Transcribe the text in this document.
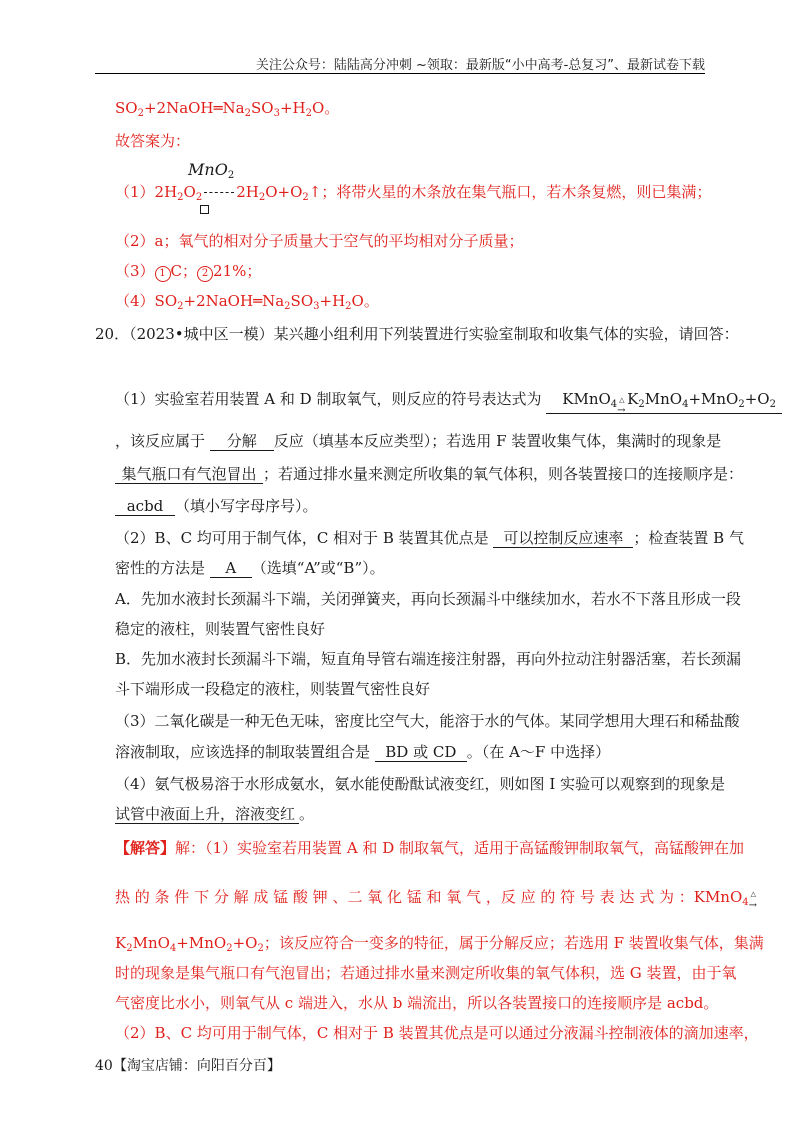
关注公众号：陆陆高分冲刺 ~领取：最新版“小中高考-总复习”、最新试卷下载
$SO_2+2NaOH═Na_2SO_3+H_2O$。
故答案为：
MnO$_2$
$(1)2H_2O_2$ $2H_2O+O_2↑$；将带火星的木条放在集气瓶口，若木条复燃，则已集满；
（2）a；氧气的相对分子质量大于空气的平均相对分子质量；
（3） 1 C； 2 21%；
$(4)SO_2+2NaOH═Na_2SO_3+H_2O$。
20．（2023•城中区一模）某兴趣小组利用下列装置进行实验室制取和收集气体的实验，请回答：
（1）实验室若用装置 A 和 D 制取氧气，则反应的符号表达式为 KMnO$_4$ △
→
$K_2MnO_4+MnO_2+O_2$
，该反应属于 分解 反应（填基本反应类型）；若选用 F 装置收集气体，集满时的现象是
集气瓶口有气泡冒出 ；若通过排水量来测定所收集的氧气体积，则各装置接口的连接顺序是：
acbd （填小写字母序号）。
（2）B、C 均可用于制气体，C 相对于 B 装置其优点是 可以控制反应速率 ；检查装置 B 气
密性的方法是 A （选填“A”或“B”）。
A．先加水液封长颈漏斗下端，关闭弹簧夹，再向长颈漏斗中继续加水，若水不下落且形成一段
稳定的液柱，则装置气密性良好
B．先加水液封长颈漏斗下端，短直角导管右端连接注射器，再向外拉动注射器活塞，若长颈漏
斗下端形成一段稳定的液柱，则装置气密性良好
（3）二氧化碳是一种无色无味，密度比空气大，能溶于水的气体。某同学想用大理石和稀盐酸
溶液制取，应该选择的制取装置组合是 BD 或 CD 。（在 A～F 中选择）
（4）氨气极易溶于水形成氨水，氨水能使酚酞试液变红，则如图 I 实验可以观察到的现象是
试管中液面上升，溶液变红 。
【解答】解：（1）实验室若用装置 A 和 D 制取氧气，适用于高锰酸钾制取氧气，高锰酸钾在加
热 的 条 件 下 分 解 成 锰 酸 钾 、二 氧 化 锰 和 氧 气 ，反 应 的 符 号 表 达 式 为 ：KMnO$_4$
△
→
$K_2MnO_4+MnO_2+O_2$；该反应符合一变多的特征，属于分解反应；若选用 F 装置收集气体，集满
时的现象是集气瓶口有气泡冒出；若通过排水量来测定所收集的氧气体积，选 G 装置，由于氧
气密度比水小，则氧气从 c 端进入，水从 b 端流出，所以各装置接口的连接顺序是 acbd。
（2）B、C 均可用于制气体，C 相对于 B 装置其优点是可以通过分液漏斗控制液体的滴加速率，
40【淘宝店铺：向阳百分百】
